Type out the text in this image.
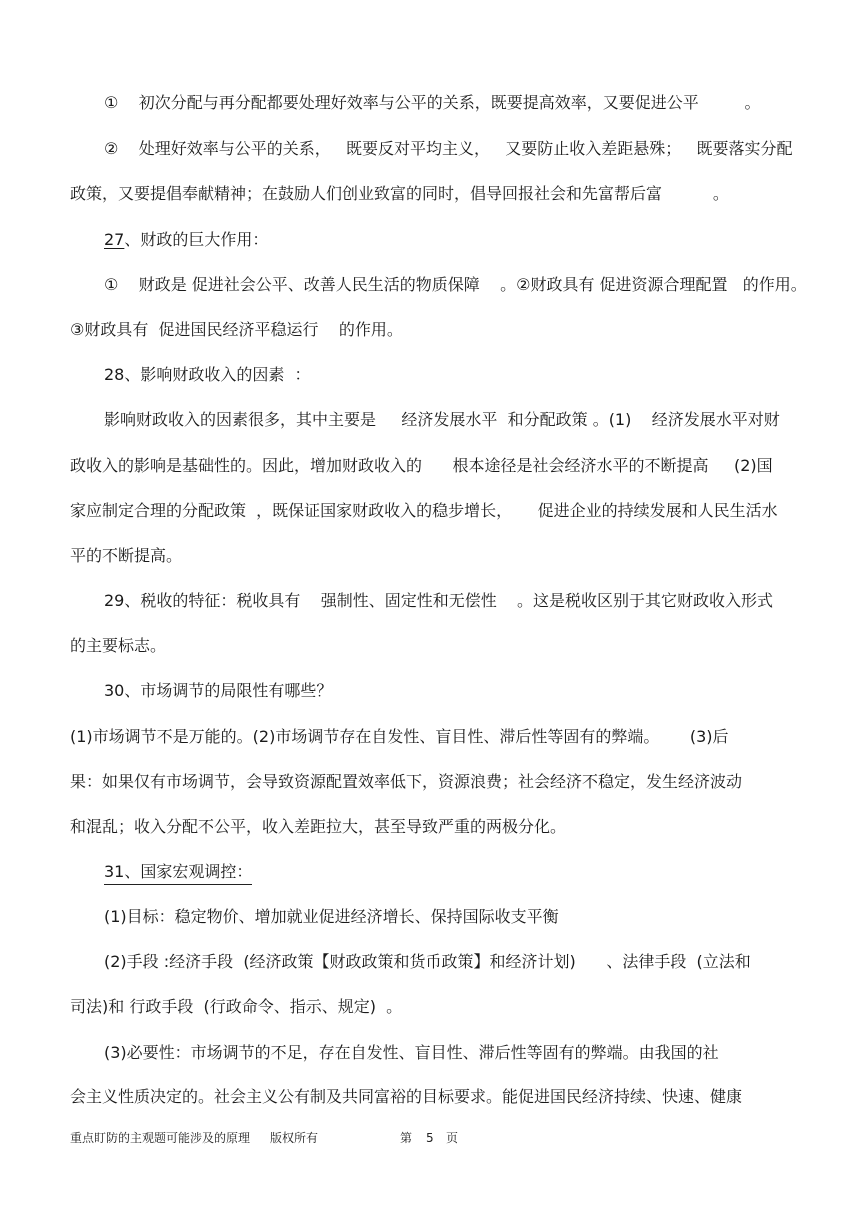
①    初次分配与再分配都要处理好效率与公平的关系，既要提高效率，又要促进公平         。
②    处理好效率与公平的关系，   既要反对平均主义，   又要防止收入差距悬殊；   既要落实分配
政策，又要提倡奉献精神；在鼓励人们创业致富的同时，倡导回报社会和先富帮后富          。
27、财政的巨大作用：
①    财政是 促进社会公平、改善人民生活的物质保障    。②财政具有 促进资源合理配置   的作用。
③财政具有  促进国民经济平稳运行    的作用。
28、影响财政收入的因素  ：
影响财政收入的因素很多，其中主要是     经济发展水平  和分配政策 。(1)    经济发展水平对财
政收入的影响是基础性的。因此，增加财政收入的      根本途径是社会经济水平的不断提高     (2)国
家应制定合理的分配政策  ，既保证国家财政收入的稳步增长，     促进企业的持续发展和人民生活水
平的不断提高。
29、税收的特征：税收具有    强制性、固定性和无偿性    。这是税收区别于其它财政收入形式
的主要标志。
30、市场调节的局限性有哪些？
(1)市场调节不是万能的。(2)市场调节存在自发性、盲目性、滞后性等固有的弊端。      (3)后
果：如果仅有市场调节，会导致资源配置效率低下，资源浪费；社会经济不稳定，发生经济波动
和混乱；收入分配不公平，收入差距拉大，甚至导致严重的两极分化。
31、国家宏观调控：
(1)目标：稳定物价、增加就业促进经济增长、保持国际收支平衡
(2)手段 :经济手段  (经济政策【财政政策和货币政策】和经济计划)      、法律手段  (立法和
司法)和 行政手段  (行政命令、指示、规定)  。
(3)必要性：市场调节的不足，存在自发性、盲目性、滞后性等固有的弊端。由我国的社
会主义性质决定的。社会主义公有制及共同富裕的目标要求。能促进国民经济持续、快速、健康
重点盯防的主观题可能涉及的原理 版权所有	第 5 页
